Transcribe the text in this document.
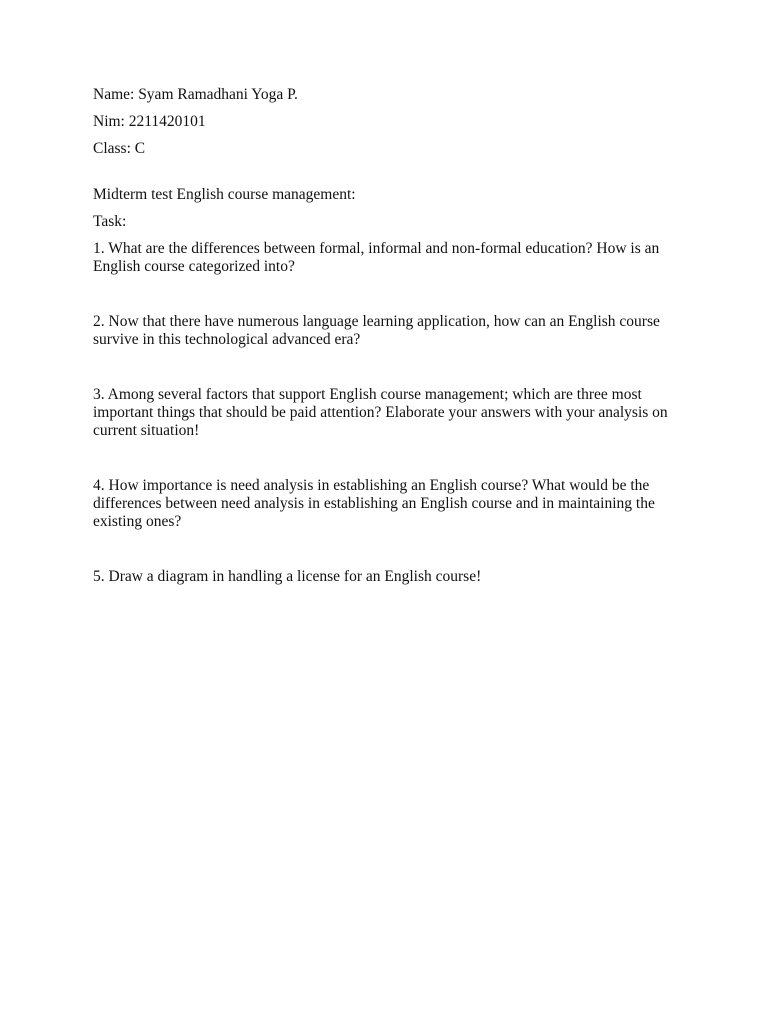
Name: Syam Ramadhani Yoga P.

Nim: 2211420101

Class: C

Midterm test English course management:

Task:

1. What are the differences between formal, informal and non-formal education? How is an
English course categorized into?
2. Now that there have numerous language learning application, how can an English course
survive in this technological advanced era?
3. Among several factors that support English course management; which are three most
important things that should be paid attention? Elaborate your answers with your analysis on
current situation!
4. How importance is need analysis in establishing an English course? What would be the
differences between need analysis in establishing an English course and in maintaining the
existing ones?
5. Draw a diagram in handling a license for an English course!
